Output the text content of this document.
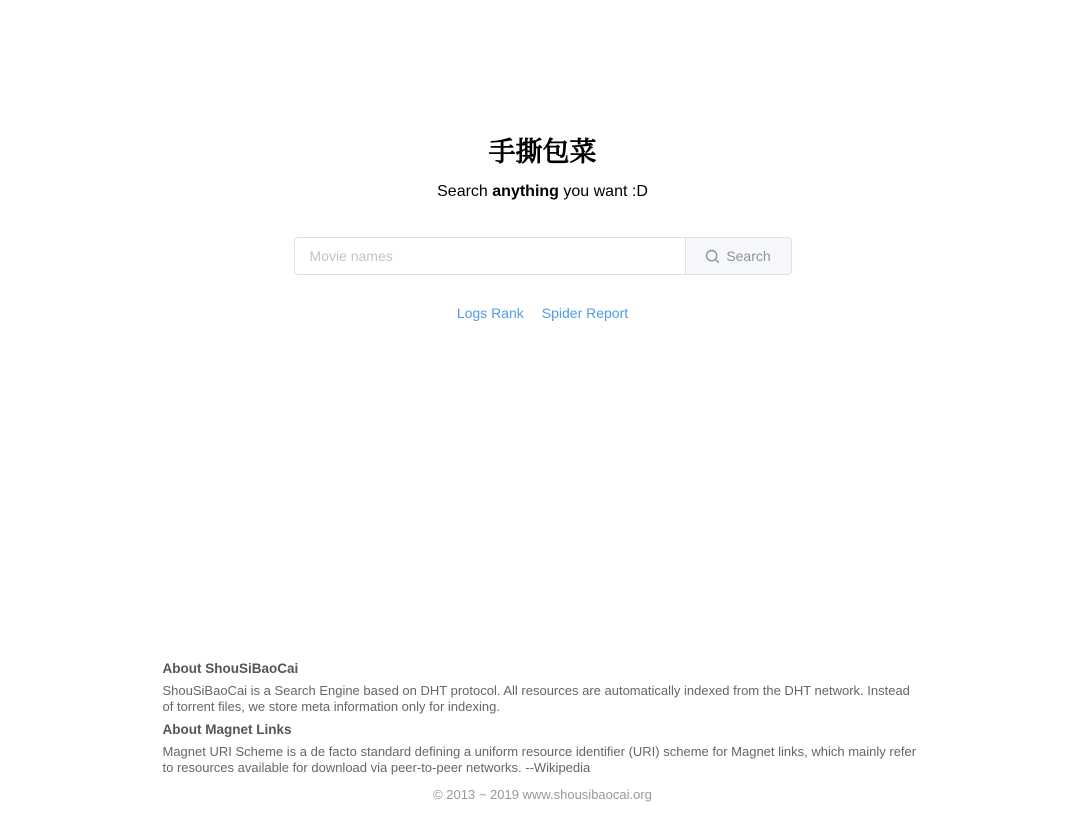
手撕包菜

Search anything you want :D

Movie names
Search
Logs Rank Spider Report
About ShouSiBaoCai

ShouSiBaoCai is a Search Engine based on DHT protocol. All resources are automatically indexed from the DHT network. Instead of torrent files, we store meta information only for indexing.

About Magnet Links

Magnet URI Scheme is a de facto standard defining a uniform resource identifier (URI) scheme for Magnet links, which mainly refer to resources available for download via peer-to-peer networks. --Wikipedia

© 2013 ~ 2019 www.shousibaocai.org
